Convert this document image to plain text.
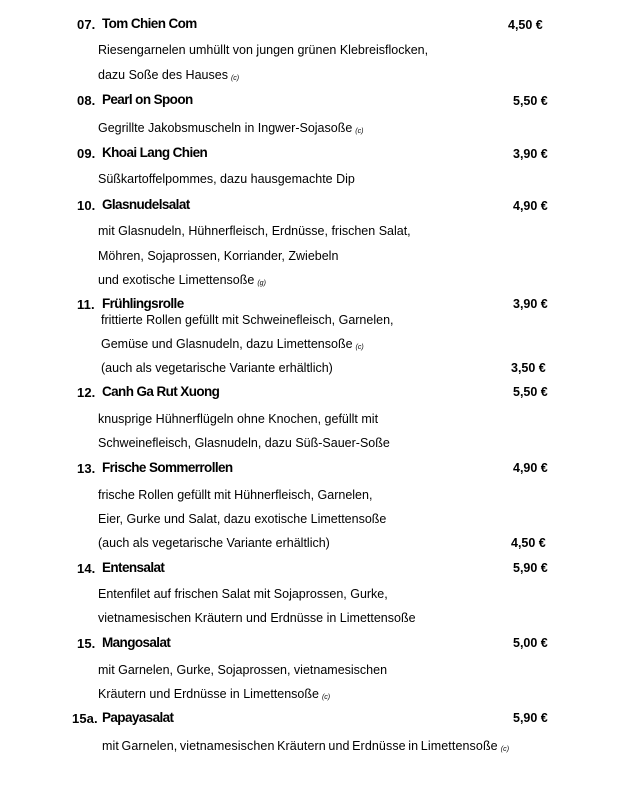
07. Tom Chien Com	4,50 €
Riesengarnelen umhüllt von jungen grünen Klebreisflocken,
dazu Soße des Hauses (c)
08. Pearl on Spoon	5,50 €
Gegrillte Jakobsmuscheln in Ingwer-Sojasoße (c)
09. Khoai Lang Chien	3,90 €
Süßkartoffelpommes, dazu hausgemachte Dip
10. Glasnudelsalat	4,90 €
mit Glasnudeln, Hühnerfleisch, Erdnüsse, frischen Salat,
Möhren, Sojaprossen, Korriander, Zwiebeln
und exotische Limettensoße (g)
11. Frühlingsrolle	3,90 €
frittierte Rollen gefüllt mit Schweinefleisch, Garnelen,
Gemüse und Glasnudeln, dazu Limettensoße (c)
(auch als vegetarische Variante erhältlich)	3,50 €
12. Canh Ga Rut Xuong	5,50 €
knusprige Hühnerflügeln ohne Knochen, gefüllt mit
Schweinefleisch, Glasnudeln, dazu Süß-Sauer-Soße
13. Frische Sommerrollen	4,90 €
frische Rollen gefüllt mit Hühnerfleisch, Garnelen,
Eier, Gurke und Salat, dazu exotische Limettensoße
(auch als vegetarische Variante erhältlich)	4,50 €
14. Entensalat	5,90 €
Entenfilet auf frischen Salat mit Sojaprossen, Gurke,
vietnamesischen Kräutern und Erdnüsse in Limettensoße
15. Mangosalat	5,00 €
mit Garnelen, Gurke, Sojaprossen, vietnamesischen
Kräutern und Erdnüsse in Limettensoße (c)
15a. Papayasalat	5,90 €
mit Garnelen, vietnamesischen Kräutern und Erdnüsse in Limettensoße (c)
